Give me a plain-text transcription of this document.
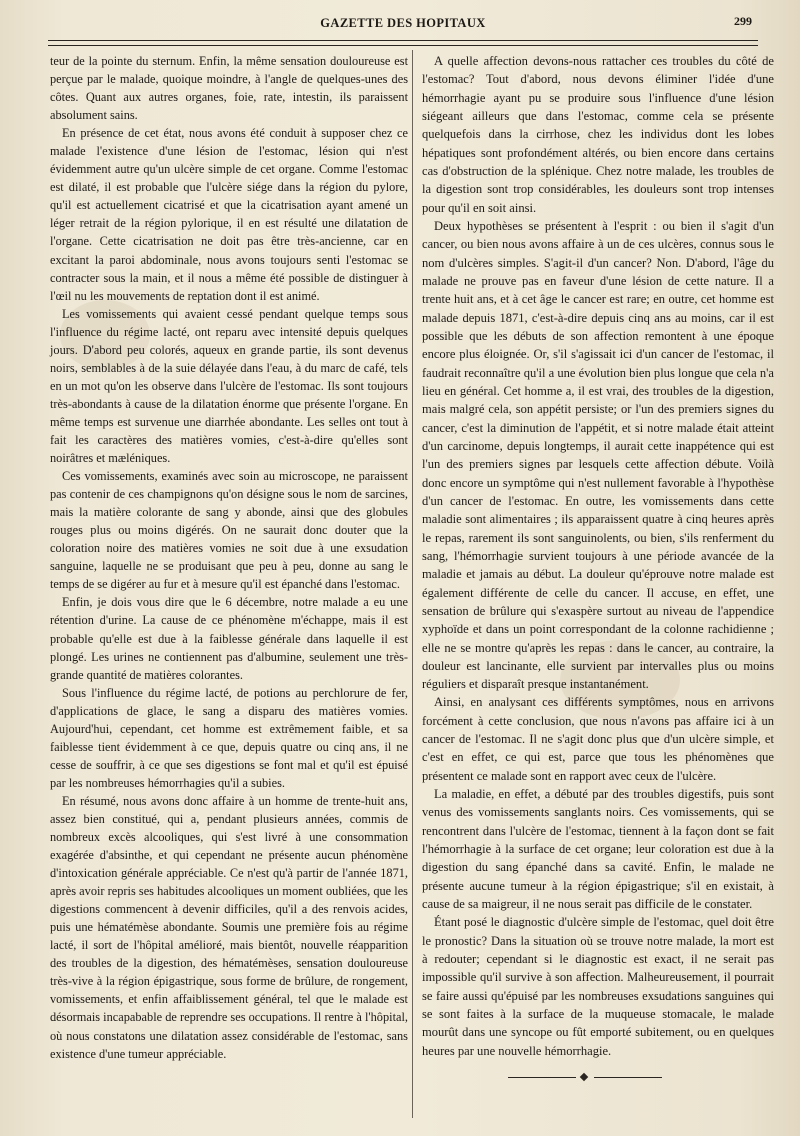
GAZETTE DES HOPITAUX	299

teur de la pointe du sternum. Enfin, la même sensation douloureuse est perçue par le malade, quoique moindre, à l'angle de quelques-unes des côtes. Quant aux autres organes, foie, rate, intestin, ils paraissent absolument sains.

En présence de cet état, nous avons été conduit à supposer chez ce malade l'existence d'une lésion de l'estomac, lésion qui n'est évidemment autre qu'un ulcère simple de cet organe. Comme l'estomac est dilaté, il est probable que l'ulcère siége dans la région du pylore, qu'il est actuellement cicatrisé et que la cicatrisation ayant amené un léger retrait de la région pylorique, il en est résulté une dilatation de l'organe. Cette cicatrisation ne doit pas être très-ancienne, car en excitant la paroi abdominale, nous avons toujours senti l'estomac se contracter sous la main, et il nous a même été possible de distinguer à l'œil nu les mouvements de reptation dont il est animé.

Les vomissements qui avaient cessé pendant quelque temps sous l'influence du régime lacté, ont reparu avec intensité depuis quelques jours. D'abord peu colorés, aqueux en grande partie, ils sont devenus noirs, semblables à de la suie délayée dans l'eau, à du marc de café, tels en un mot qu'on les observe dans l'ulcère de l'estomac. Ils sont toujours très-abondants à cause de la dilatation énorme que présente l'organe. En même temps est survenue une diarrhée abondante. Les selles ont tout à fait les caractères des matières vomies, c'est-à-dire qu'elles sont noirâtres et mæléniques.

Ces vomissements, examinés avec soin au microscope, ne paraissent pas contenir de ces champignons qu'on désigne sous le nom de sarcines, mais la matière colorante de sang y abonde, ainsi que des globules rouges plus ou moins digérés. On ne saurait donc douter que la coloration noire des matières vomies ne soit due à une exsudation sanguine, laquelle ne se produisant que peu à peu, donne au sang le temps de se digérer au fur et à mesure qu'il est épanché dans l'estomac.

Enfin, je dois vous dire que le 6 décembre, notre malade a eu une rétention d'urine. La cause de ce phénomène m'échappe, mais il est probable qu'elle est due à la faiblesse générale dans laquelle il est plongé. Les urines ne contiennent pas d'albumine, seulement une très-grande quantité de matières colorantes.

Sous l'influence du régime lacté, de potions au perchlorure de fer, d'applications de glace, le sang a disparu des matières vomies. Aujourd'hui, cependant, cet homme est extrêmement faible, et sa faiblesse tient évidemment à ce que, depuis quatre ou cinq ans, il ne cesse de souffrir, à ce que ses digestions se font mal et qu'il est épuisé par les nombreuses hémorrhagies qu'il a subies.

En résumé, nous avons donc affaire à un homme de trente-huit ans, assez bien constitué, qui a, pendant plusieurs années, commis de nombreux excès alcooliques, qui s'est livré à une consommation exagérée d'absinthe, et qui cependant ne présente aucun phénomène d'intoxication générale appréciable. Ce n'est qu'à partir de l'année 1871, après avoir repris ses habitudes alcooliques un moment oubliées, que les digestions commencent à devenir difficiles, qu'il a des renvois acides, puis une hématémèse abondante. Soumis une première fois au régime lacté, il sort de l'hôpital amélioré, mais bientôt, nouvelle réapparition des troubles de la digestion, des hématémèses, sensation douloureuse très-vive à la région épigastrique, sous forme de brûlure, de rongement, vomissements, et enfin affaiblissement général, tel que le malade est désormais incapabable de reprendre ses occupations. Il rentre à l'hôpital, où nous constatons une dilatation assez considérable de l'estomac, sans existence d'une tumeur appréciable.

A quelle affection devons-nous rattacher ces troubles du côté de l'estomac? Tout d'abord, nous devons éliminer l'idée d'une hémorrhagie ayant pu se produire sous l'influence d'une lésion siégeant ailleurs que dans l'estomac, comme cela se présente quelquefois dans la cirrhose, chez les individus dont les lobes hépatiques sont profondément altérés, ou bien encore dans certains cas d'obstruction de la splénique. Chez notre malade, les troubles de la digestion sont trop considérables, les douleurs sont trop intenses pour qu'il en soit ainsi.

Deux hypothèses se présentent à l'esprit : ou bien il s'agit d'un cancer, ou bien nous avons affaire à un de ces ulcères, connus sous le nom d'ulcères simples. S'agit-il d'un cancer? Non. D'abord, l'âge du malade ne prouve pas en faveur d'une lésion de cette nature. Il a trente huit ans, et à cet âge le cancer est rare; en outre, cet homme est malade depuis 1871, c'est-à-dire depuis cinq ans au moins, car il est possible que les débuts de son affection remontent à une époque encore plus éloignée. Or, s'il s'agissait ici d'un cancer de l'estomac, il faudrait reconnaître qu'il a une évolution bien plus longue que cela n'a lieu en général. Cet homme a, il est vrai, des troubles de la digestion, mais malgré cela, son appétit persiste; or l'un des premiers signes du cancer, c'est la diminution de l'appétit, et si notre malade était atteint d'un carcinome, depuis longtemps, il aurait cette inappétence qui est l'un des premiers signes par lesquels cette affection débute. Voilà donc encore un symptôme qui n'est nullement favorable à l'hypothèse d'un cancer de l'estomac. En outre, les vomissements dans cette maladie sont alimentaires ; ils apparaissent quatre à cinq heures après le repas, rarement ils sont sanguinolents, ou bien, s'ils renferment du sang, l'hémorrhagie survient toujours à une période avancée de la maladie et jamais au début. La douleur qu'éprouve notre malade est également différente de celle du cancer. Il accuse, en effet, une sensation de brûlure qui s'exaspère surtout au niveau de l'appendice xyphoïde et dans un point correspondant de la colonne rachidienne ; elle ne se montre qu'après les repas : dans le cancer, au contraire, la douleur est lancinante, elle survient par intervalles plus ou moins réguliers et disparaît presque instantanément.

Ainsi, en analysant ces différents symptômes, nous en arrivons forcément à cette conclusion, que nous n'avons pas affaire ici à un cancer de l'estomac. Il ne s'agit donc plus que d'un ulcère simple, et c'est en effet, ce qui est, parce que tous les phénomènes que présentent ce malade sont en rapport avec ceux de l'ulcère.

La maladie, en effet, a débuté par des troubles digestifs, puis sont venus des vomissements sanglants noirs. Ces vomissements, qui se rencontrent dans l'ulcère de l'estomac, tiennent à la façon dont se fait l'hémorrhagie à la surface de cet organe; leur coloration est due à la digestion du sang épanché dans sa cavité. Enfin, le malade ne présente aucune tumeur à la région épigastrique; s'il en existait, à cause de sa maigreur, il ne nous serait pas difficile de le constater.

Étant posé le diagnostic d'ulcère simple de l'estomac, quel doit être le pronostic? Dans la situation où se trouve notre malade, la mort est à redouter; cependant si le diagnostic est exact, il ne serait pas impossible qu'il survive à son affection. Malheureusement, il pourrait se faire aussi qu'épuisé par les nombreuses exsudations sanguines qui se sont faites à la surface de la muqueuse stomacale, le malade mourût dans une syncope ou fût emporté subitement, ou en quelques heures par une nouvelle hémorrhagie.
